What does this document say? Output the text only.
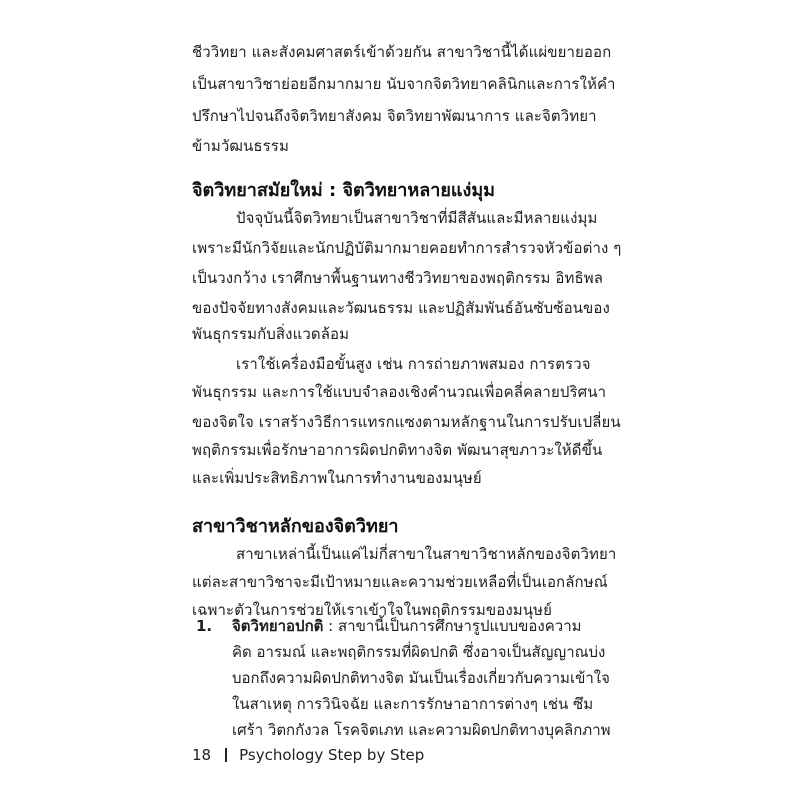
ชีววิทยา และสังคมศาสตร์เข้าด้วยกัน สาขาวิชานี้ได้แผ่ขยายออก
เป็นสาขาวิชาย่อยอีกมากมาย นับจากจิตวิทยาคลินิกและการให้คำ
ปรึกษาไปจนถึงจิตวิทยาสังคม จิตวิทยาพัฒนาการ และจิตวิทยา
ข้ามวัฒนธรรม
จิตวิทยาสมัยใหม่ : จิตวิทยาหลายแง่มุม
ปัจจุบันนี้จิตวิทยาเป็นสาขาวิชาที่มีสีสันและมีหลายแง่มุม
เพราะมีนักวิจัยและนักปฏิบัติมากมายคอยทำการสำรวจหัวข้อต่าง ๆ
เป็นวงกว้าง เราศึกษาพื้นฐานทางชีววิทยาของพฤติกรรม อิทธิพล
ของปัจจัยทางสังคมและวัฒนธรรม และปฏิสัมพันธ์อันซับซ้อนของ
พันธุกรรมกับสิ่งแวดล้อม
เราใช้เครื่องมือขั้นสูง เช่น การถ่ายภาพสมอง การตรวจ
พันธุกรรม และการใช้แบบจำลองเชิงคำนวณเพื่อคลี่คลายปริศนา
ของจิตใจ เราสร้างวิธีการแทรกแซงตามหลักฐานในการปรับเปลี่ยน
พฤติกรรมเพื่อรักษาอาการผิดปกติทางจิต พัฒนาสุขภาวะให้ดีขึ้น
และเพิ่มประสิทธิภาพในการทำงานของมนุษย์
สาขาวิชาหลักของจิตวิทยา
สาขาเหล่านี้เป็นแค่ไม่กี่สาขาในสาขาวิชาหลักของจิตวิทยา
แต่ละสาขาวิชาจะมีเป้าหมายและความช่วยเหลือที่เป็นเอกลักษณ์
เฉพาะตัวในการช่วยให้เราเข้าใจในพฤติกรรมของมนุษย์
1. จิตวิทยาอปกติ : สาขานี้เป็นการศึกษารูปแบบของความ
คิด อารมณ์ และพฤติกรรมที่ผิดปกติ ซึ่งอาจเป็นสัญญาณบ่ง
บอกถึงความผิดปกติทางจิต มันเป็นเรื่องเกี่ยวกับความเข้าใจ
ในสาเหตุ การวินิจฉัย และการรักษาอาการต่างๆ เช่น ซึม
เศร้า วิตกกังวล โรคจิตเภท และความผิดปกติทางบุคลิกภาพ
18 Psychology Step by Step
